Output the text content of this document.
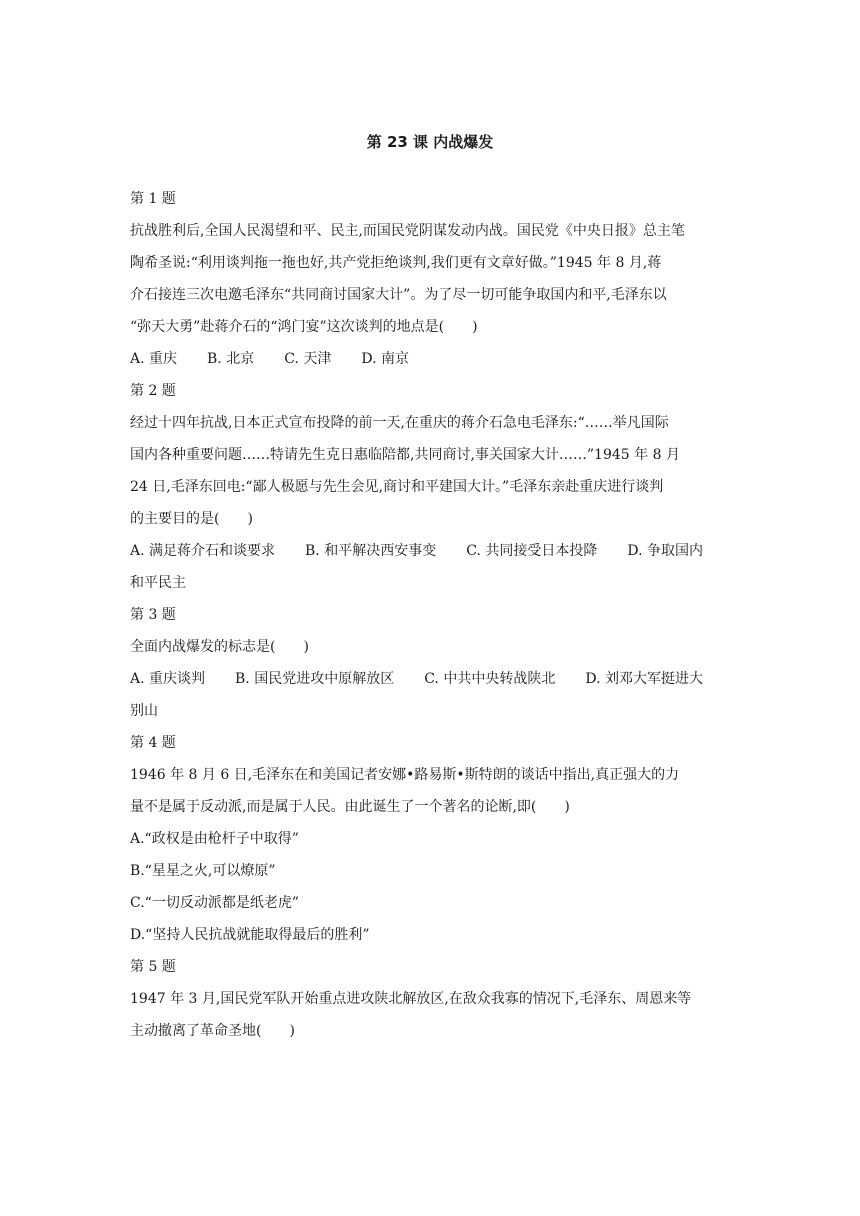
第 23 课 内战爆发
第 1 题
抗战胜利后,全国人民渴望和平、民主,而国民党阴谋发动内战。国民党《中央日报》总主笔
陶希圣说:“利用谈判拖一拖也好,共产党拒绝谈判,我们更有文章好做。”1945 年 8 月,蒋
介石接连三次电邀毛泽东“共同商讨国家大计”。为了尽一切可能争取国内和平,毛泽东以
“弥天大勇”赴蒋介石的“鸿门宴”这次谈判的地点是(　　)
A. 重庆 B. 北京 C. 天津 D. 南京
第 2 题
经过十四年抗战,日本正式宣布投降的前一天,在重庆的蒋介石急电毛泽东:“……举凡国际
国内各种重要问题……特请先生克日惠临陪都,共同商讨,事关国家大计……”1945 年 8 月
24 日,毛泽东回电:“鄙人极愿与先生会见,商讨和平建国大计。”毛泽东亲赴重庆进行谈判
的主要目的是(　　)
A. 满足蒋介石和谈要求 B. 和平解决西安事变 C. 共同接受日本投降 D. 争取国内
和平民主
第 3 题
全面内战爆发的标志是(　　)
A. 重庆谈判 B. 国民党进攻中原解放区 C. 中共中央转战陕北 D. 刘邓大军挺进大
别山
第 4 题
1946 年 8 月 6 日,毛泽东在和美国记者安娜•路易斯•斯特朗的谈话中指出,真正强大的力
量不是属于反动派,而是属于人民。由此诞生了一个著名的论断,即(　　)
A.“政权是由枪杆子中取得”
B.“星星之火,可以燎原”
C.“一切反动派都是纸老虎”
D.“坚持人民抗战就能取得最后的胜利”
第 5 题
1947 年 3 月,国民党军队开始重点进攻陕北解放区,在敌众我寡的情况下,毛泽东、周恩来等
主动撤离了革命圣地(　　)
